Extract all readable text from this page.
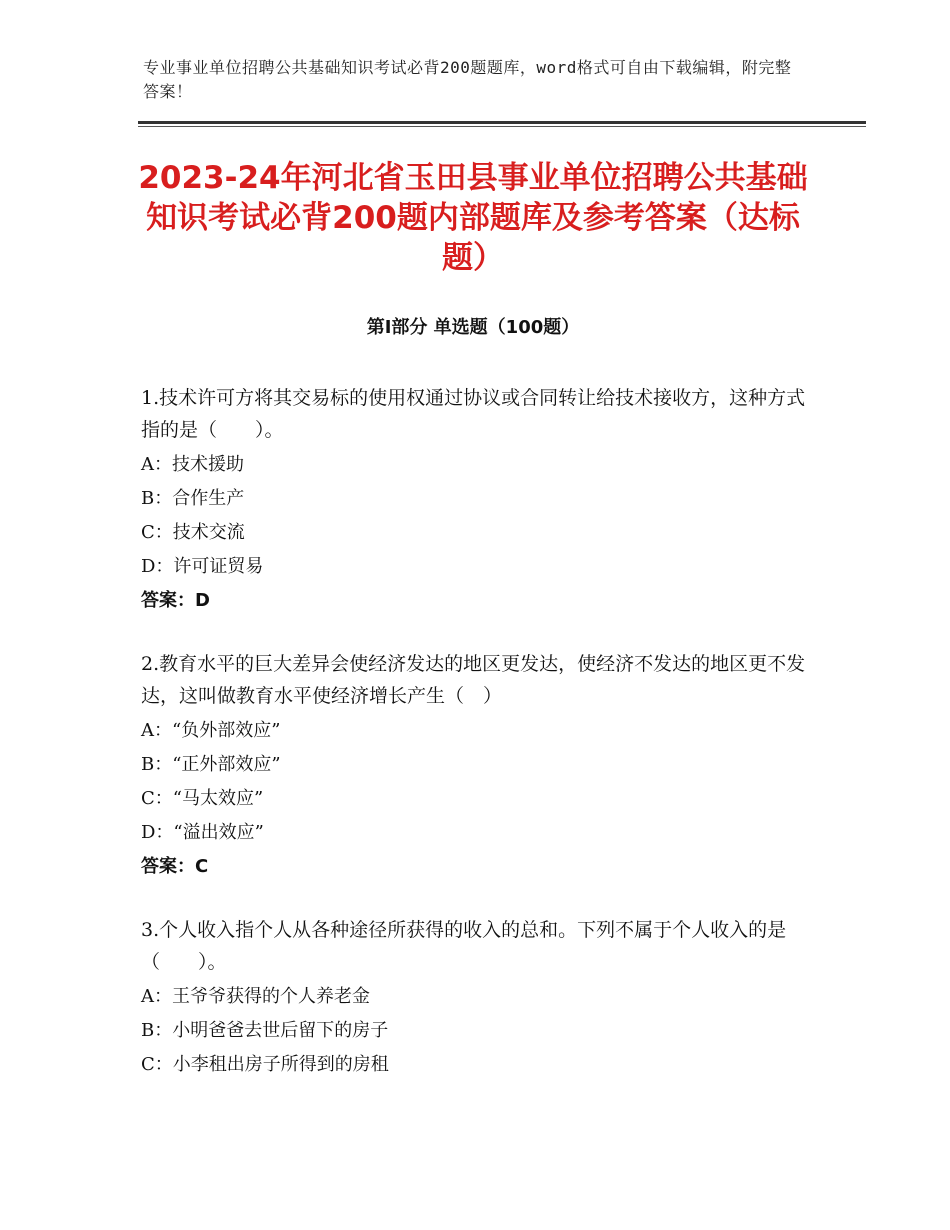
专业事业单位招聘公共基础知识考试必背200题题库，word格式可自由下载编辑，附完整答案！
2023-24年河北省玉田县事业单位招聘公共基础知识考试必背200题内部题库及参考答案（达标题）
第Ⅰ部分 单选题（100题）
1.技术许可方将其交易标的使用权通过协议或合同转让给技术接收方，这种方式指的是（　　）。
A：技术援助
B：合作生产
C：技术交流
D：许可证贸易
答案：D
2.教育水平的巨大差异会使经济发达的地区更发达，使经济不发达的地区更不发达，这叫做教育水平使经济增长产生（　）
A：“负外部效应”
B：“正外部效应”
C：“马太效应”
D：“溢出效应”
答案：C
3.个人收入指个人从各种途径所获得的收入的总和。下列不属于个人收入的是（　　）。
A：王爷爷获得的个人养老金
B：小明爸爸去世后留下的房子
C：小李租出房子所得到的房租
